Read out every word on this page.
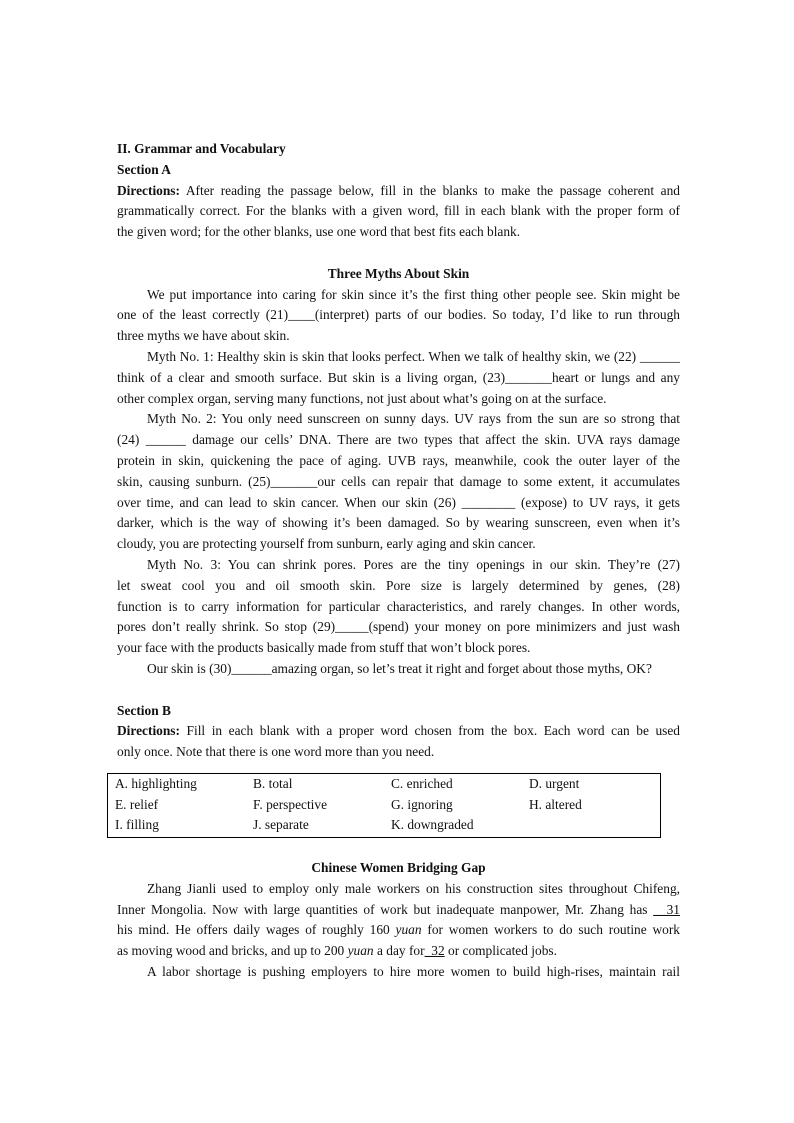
II. Grammar and Vocabulary
Section A
Directions: After reading the passage below, fill in the blanks to make the passage coherent and
grammatically correct. For the blanks with a given word, fill in each blank with the proper form of
the given word; for the other blanks, use one word that best fits each blank.
Three Myths About Skin
We put importance into caring for skin since it’s the first thing other people see. Skin might be
one of the least correctly (21)____(interpret) parts of our bodies. So today, I’d like to run through
three myths we have about skin.
Myth No. 1: Healthy skin is skin that looks perfect. When we talk of healthy skin, we (22) ______
think of a clear and smooth surface. But skin is a living organ, (23)_______heart or lungs and any
other complex organ, serving many functions, not just about what’s going on at the surface.
Myth No. 2: You only need sunscreen on sunny days. UV rays from the sun are so strong that
(24) ______ damage our cells’ DNA. There are two types that affect the skin. UVA rays damage
protein in skin, quickening the pace of aging. UVB rays, meanwhile, cook the outer layer of the
skin, causing sunburn. (25)_______our cells can repair that damage to some extent, it accumulates
over time, and can lead to skin cancer. When our skin (26) ________ (expose) to UV rays, it gets
darker, which is the way of showing it’s been damaged. So by wearing sunscreen, even when it’s
cloudy, you are protecting yourself from sunburn, early aging and skin cancer.
Myth No. 3: You can shrink pores. Pores are the tiny openings in our skin. They’re (27)
let sweat cool you and oil smooth skin. Pore size is largely determined by genes, (28)
function is to carry information for particular characteristics, and rarely changes. In other words,
pores don’t really shrink. So stop (29)_____(spend) your money on pore minimizers and just wash
your face with the products basically made from stuff that won’t block pores.
Our skin is (30)______amazing organ, so let’s treat it right and forget about those myths, OK?
Section B
Directions: Fill in each blank with a proper word chosen from the box. Each word can be used
only once. Note that there is one word more than you need.
A. highlighting	B. total	C. enriched	D. urgent
E. relief	F. perspective	G. ignoring	H. altered
I. filling	J. separate	K. downgraded
Chinese Women Bridging Gap
Zhang Jianli used to employ only male workers on his construction sites throughout Chifeng,
Inner Mongolia. Now with large quantities of work but inadequate manpower, Mr. Zhang has __31
his mind. He offers daily wages of roughly 160 yuan for women workers to do such routine work
as moving wood and bricks, and up to 200 yuan a day for_32 or complicated jobs.
A labor shortage is pushing employers to hire more women to build high-rises, maintain rail
